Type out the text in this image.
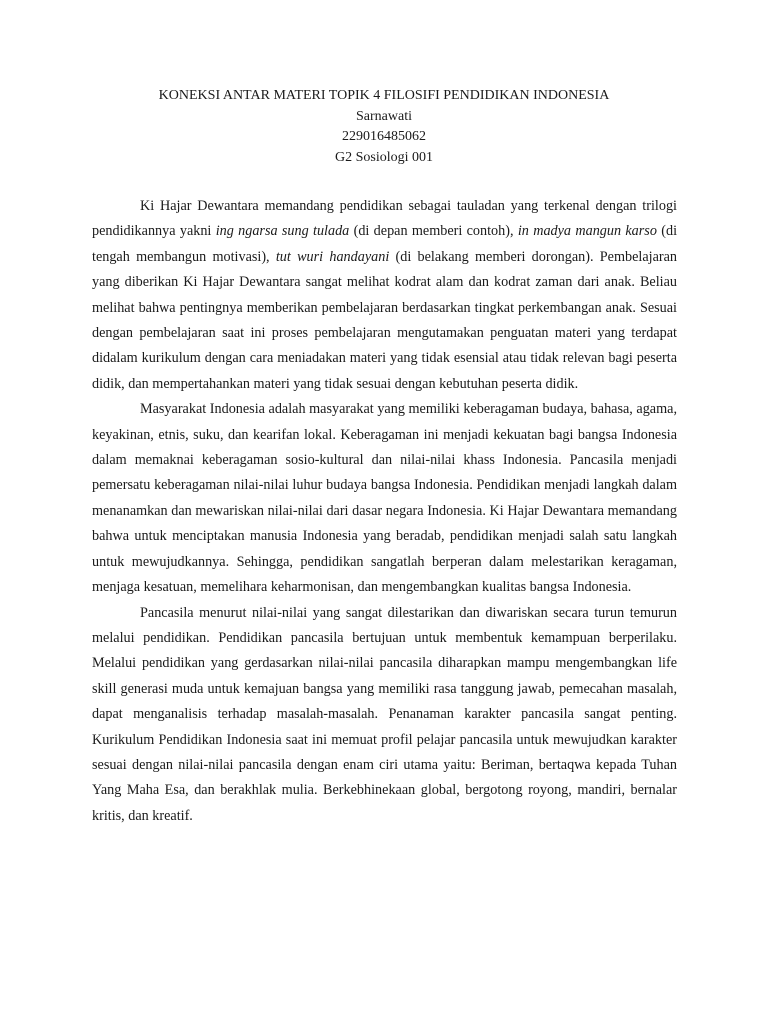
KONEKSI ANTAR MATERI TOPIK 4 FILOSIFI PENDIDIKAN INDONESIA
Sarnawati
229016485062
G2 Sosiologi 001

Ki Hajar Dewantara memandang pendidikan sebagai tauladan yang terkenal dengan trilogi pendidikannya yakni ing ngarsa sung tulada (di depan memberi contoh), in madya mangun karso (di tengah membangun motivasi), tut wuri handayani (di belakang memberi dorongan). Pembelajaran yang diberikan Ki Hajar Dewantara sangat melihat kodrat alam dan kodrat zaman dari anak. Beliau melihat bahwa pentingnya memberikan pembelajaran berdasarkan tingkat perkembangan anak. Sesuai dengan pembelajaran saat ini proses pembelajaran mengutamakan penguatan materi yang terdapat didalam kurikulum dengan cara meniadakan materi yang tidak esensial atau tidak relevan bagi peserta didik, dan mempertahankan materi yang tidak sesuai dengan kebutuhan peserta didik.

Masyarakat Indonesia adalah masyarakat yang memiliki keberagaman budaya, bahasa, agama, keyakinan, etnis, suku, dan kearifan lokal. Keberagaman ini menjadi kekuatan bagi bangsa Indonesia dalam memaknai keberagaman sosio-kultural dan nilai-nilai khass Indonesia. Pancasila menjadi pemersatu keberagaman nilai-nilai luhur budaya bangsa Indonesia. Pendidikan menjadi langkah dalam menanamkan dan mewariskan nilai-nilai dari dasar negara Indonesia. Ki Hajar Dewantara memandang bahwa untuk menciptakan manusia Indonesia yang beradab, pendidikan menjadi salah satu langkah untuk mewujudkannya. Sehingga, pendidikan sangatlah berperan dalam melestarikan keragaman, menjaga kesatuan, memelihara keharmonisan, dan mengembangkan kualitas bangsa Indonesia.

Pancasila menurut nilai-nilai yang sangat dilestarikan dan diwariskan secara turun temurun melalui pendidikan. Pendidikan pancasila bertujuan untuk membentuk kemampuan berperilaku. Melalui pendidikan yang gerdasarkan nilai-nilai pancasila diharapkan mampu mengembangkan life skill generasi muda untuk kemajuan bangsa yang memiliki rasa tanggung jawab, pemecahan masalah, dapat menganalisis terhadap masalah-masalah. Penanaman karakter pancasila sangat penting. Kurikulum Pendidikan Indonesia saat ini memuat profil pelajar pancasila untuk mewujudkan karakter sesuai dengan nilai-nilai pancasila dengan enam ciri utama yaitu: Beriman, bertaqwa kepada Tuhan Yang Maha Esa, dan berakhlak mulia. Berkebhinekaan global, bergotong royong, mandiri, bernalar kritis, dan kreatif.
